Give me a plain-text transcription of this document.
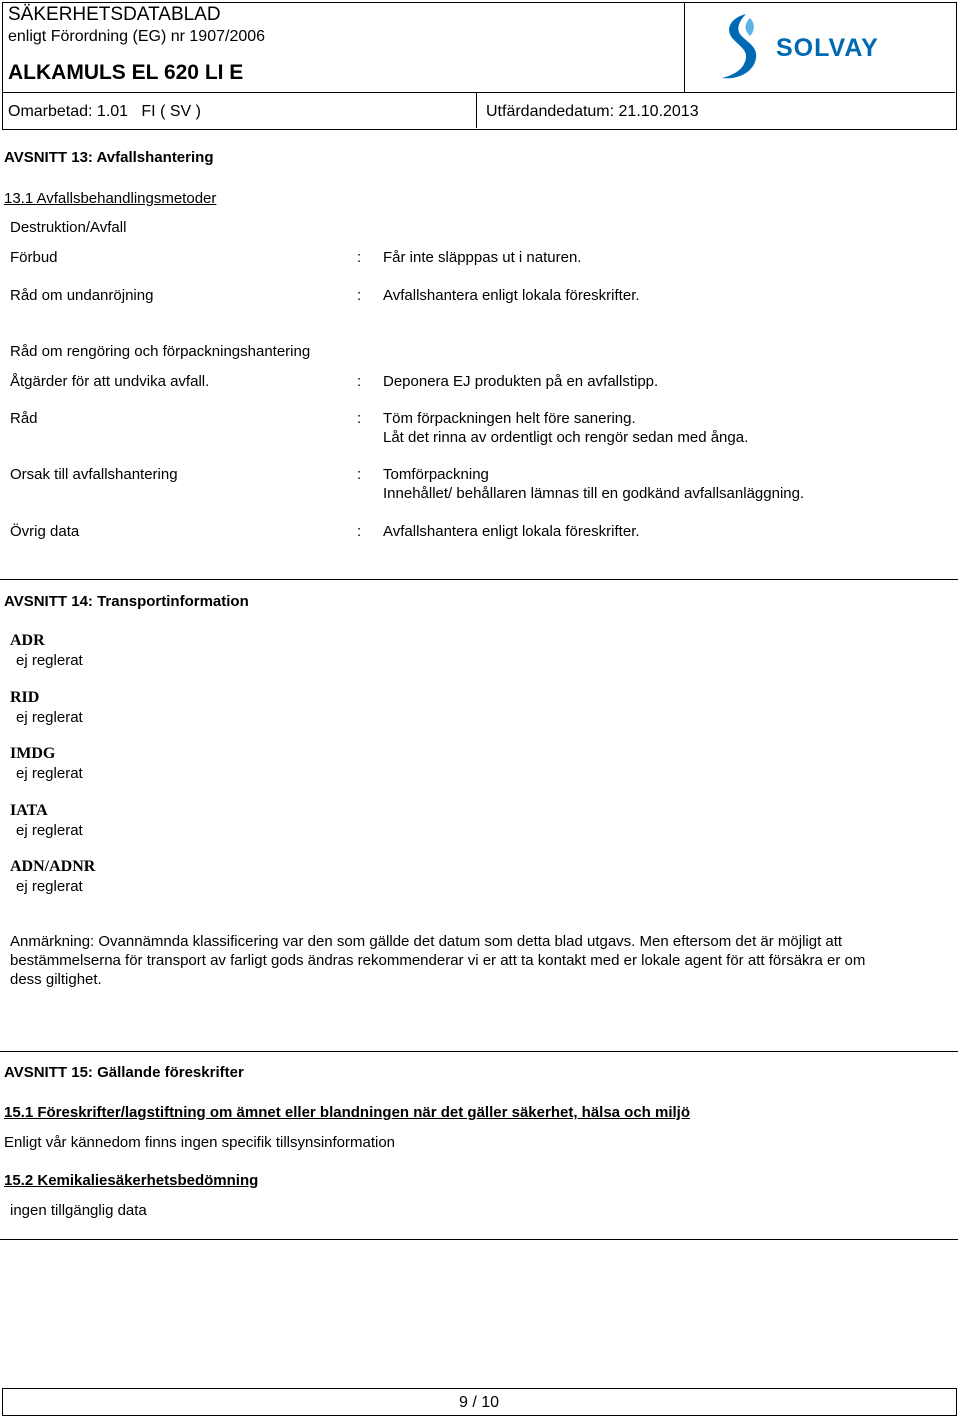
SÄKERHETSDATABLAD
enligt Förordning (EG) nr 1907/2006
ALKAMULS EL 620 LI E
Omarbetad: 1.01   FI ( SV )	Utfärdandedatum: 21.10.2013
SOLVAY
AVSNITT 13: Avfallshantering
13.1 Avfallsbehandlingsmetoder
Destruktion/Avfall
Förbud	: Får inte släpppas ut i naturen.
Råd om undanröjning	: Avfallshantera enligt lokala föreskrifter.
Råd om rengöring och förpackningshantering
Åtgärder för att undvika avfall.	: Deponera EJ produkten på en avfallstipp.
Råd	: Töm förpackningen helt före sanering.
Låt det rinna av ordentligt och rengör sedan med ånga.
Orsak till avfallshantering	: Tomförpackning
Innehållet/ behållaren lämnas till en godkänd avfallsanläggning.
Övrig data	: Avfallshantera enligt lokala föreskrifter.
AVSNITT 14: Transportinformation
ADR
ej reglerat
RID
ej reglerat
IMDG
ej reglerat
IATA
ej reglerat
ADN/ADNR
ej reglerat
Anmärkning: Ovannämnda klassificering var den som gällde det datum som detta blad utgavs. Men eftersom det är möjligt att
bestämmelserna för transport av farligt gods ändras rekommenderar vi er att ta kontakt med er lokale agent för att försäkra er om
dess giltighet.
AVSNITT 15: Gällande föreskrifter
15.1 Föreskrifter/lagstiftning om ämnet eller blandningen när det gäller säkerhet, hälsa och miljö
Enligt vår kännedom finns ingen specifik tillsynsinformation
15.2 Kemikaliesäkerhetsbedömning
ingen tillgänglig data
9 / 10
